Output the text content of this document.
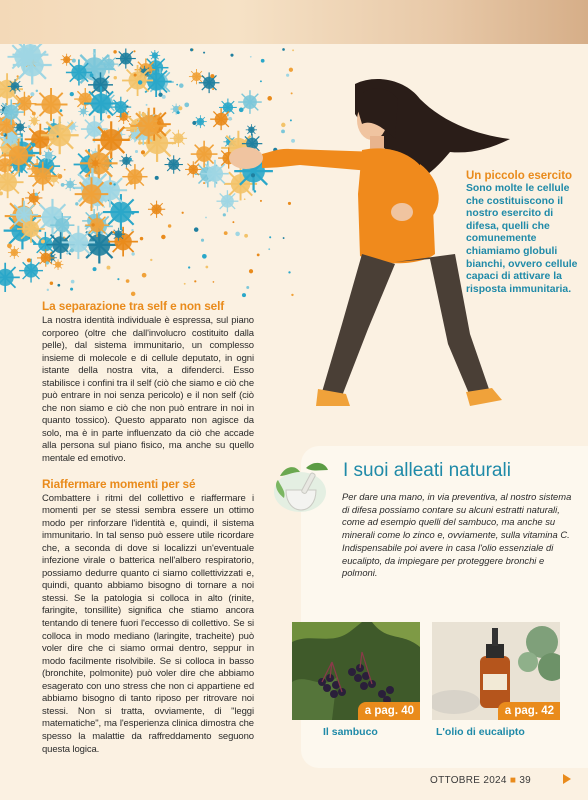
Un piccolo esercito
Sono molte le cellule che costituiscono il nostro esercito di difesa, quelli che comunemente chiamiamo globuli bianchi, ovvero cellule capaci di attivare la risposta immunitaria.
La separazione tra self e non self

La nostra identità individuale è espressa, sul piano corporeo (oltre che dall'involucro costituito dalla pelle), dal sistema immunitario, un complesso insieme di molecole e di cellule deputato, in ogni istante della nostra vita, a difenderci. Esso stabilisce i confini tra il self (ciò che siamo e ciò che può entrare in noi senza pericolo) e il non self (ciò che non siamo e ciò che non può entrare in noi in quanto tossico). Questo apparato non agisce da solo, ma è in parte influenzato da ciò che accade alla persona sul piano fisico, ma anche su quello mentale ed emotivo.

Riaffermare momenti per sé

Combattere i ritmi del collettivo e riaffermare i momenti per se stessi sembra essere un ottimo modo per rinforzare l'identità e, quindi, il sistema immunitario. In tal senso può essere utile ricordare che, a seconda di dove si localizzi un'eventuale infezione virale o batterica nell'albero respiratorio, possiamo dedurre quanto ci siamo collettivizzati e, quindi, quanto abbiamo bisogno di tornare a noi stessi. Se la patologia si colloca in alto (rinite, faringite, tonsillite) significa che stiamo ancora tentando di tenere fuori l'eccesso di collettivo. Se si colloca in modo mediano (laringite, tracheite) può voler dire che ci siamo ormai dentro, seppur in modo facilmente risolvibile. Se si colloca in basso (bronchite, polmonite) può voler dire che abbiamo esagerato con uno stress che non ci appartiene ed abbiamo bisogno di tanto riposo per ritrovare noi stessi. Non si tratta, ovviamente, di "leggi matematiche", ma l'esperienza clinica dimostra che spesso la malattie da raffreddamento seguono questa logica.

I suoi alleati naturali
Per dare una mano, in via preventiva, al nostro sistema di difesa possiamo contare su alcuni estratti naturali, come ad esempio quelli del sambuco, ma anche su minerali come lo zinco e, ovviamente, sulla vitamina C. Indispensabile poi avere in casa l'olio essenziale di eucalipto, da impiegare per proteggere bronchi e polmoni.
a pag. 40	a pag. 42
Il sambuco	L'olio di eucalipto
OTTOBRE 2024 ■ 39
